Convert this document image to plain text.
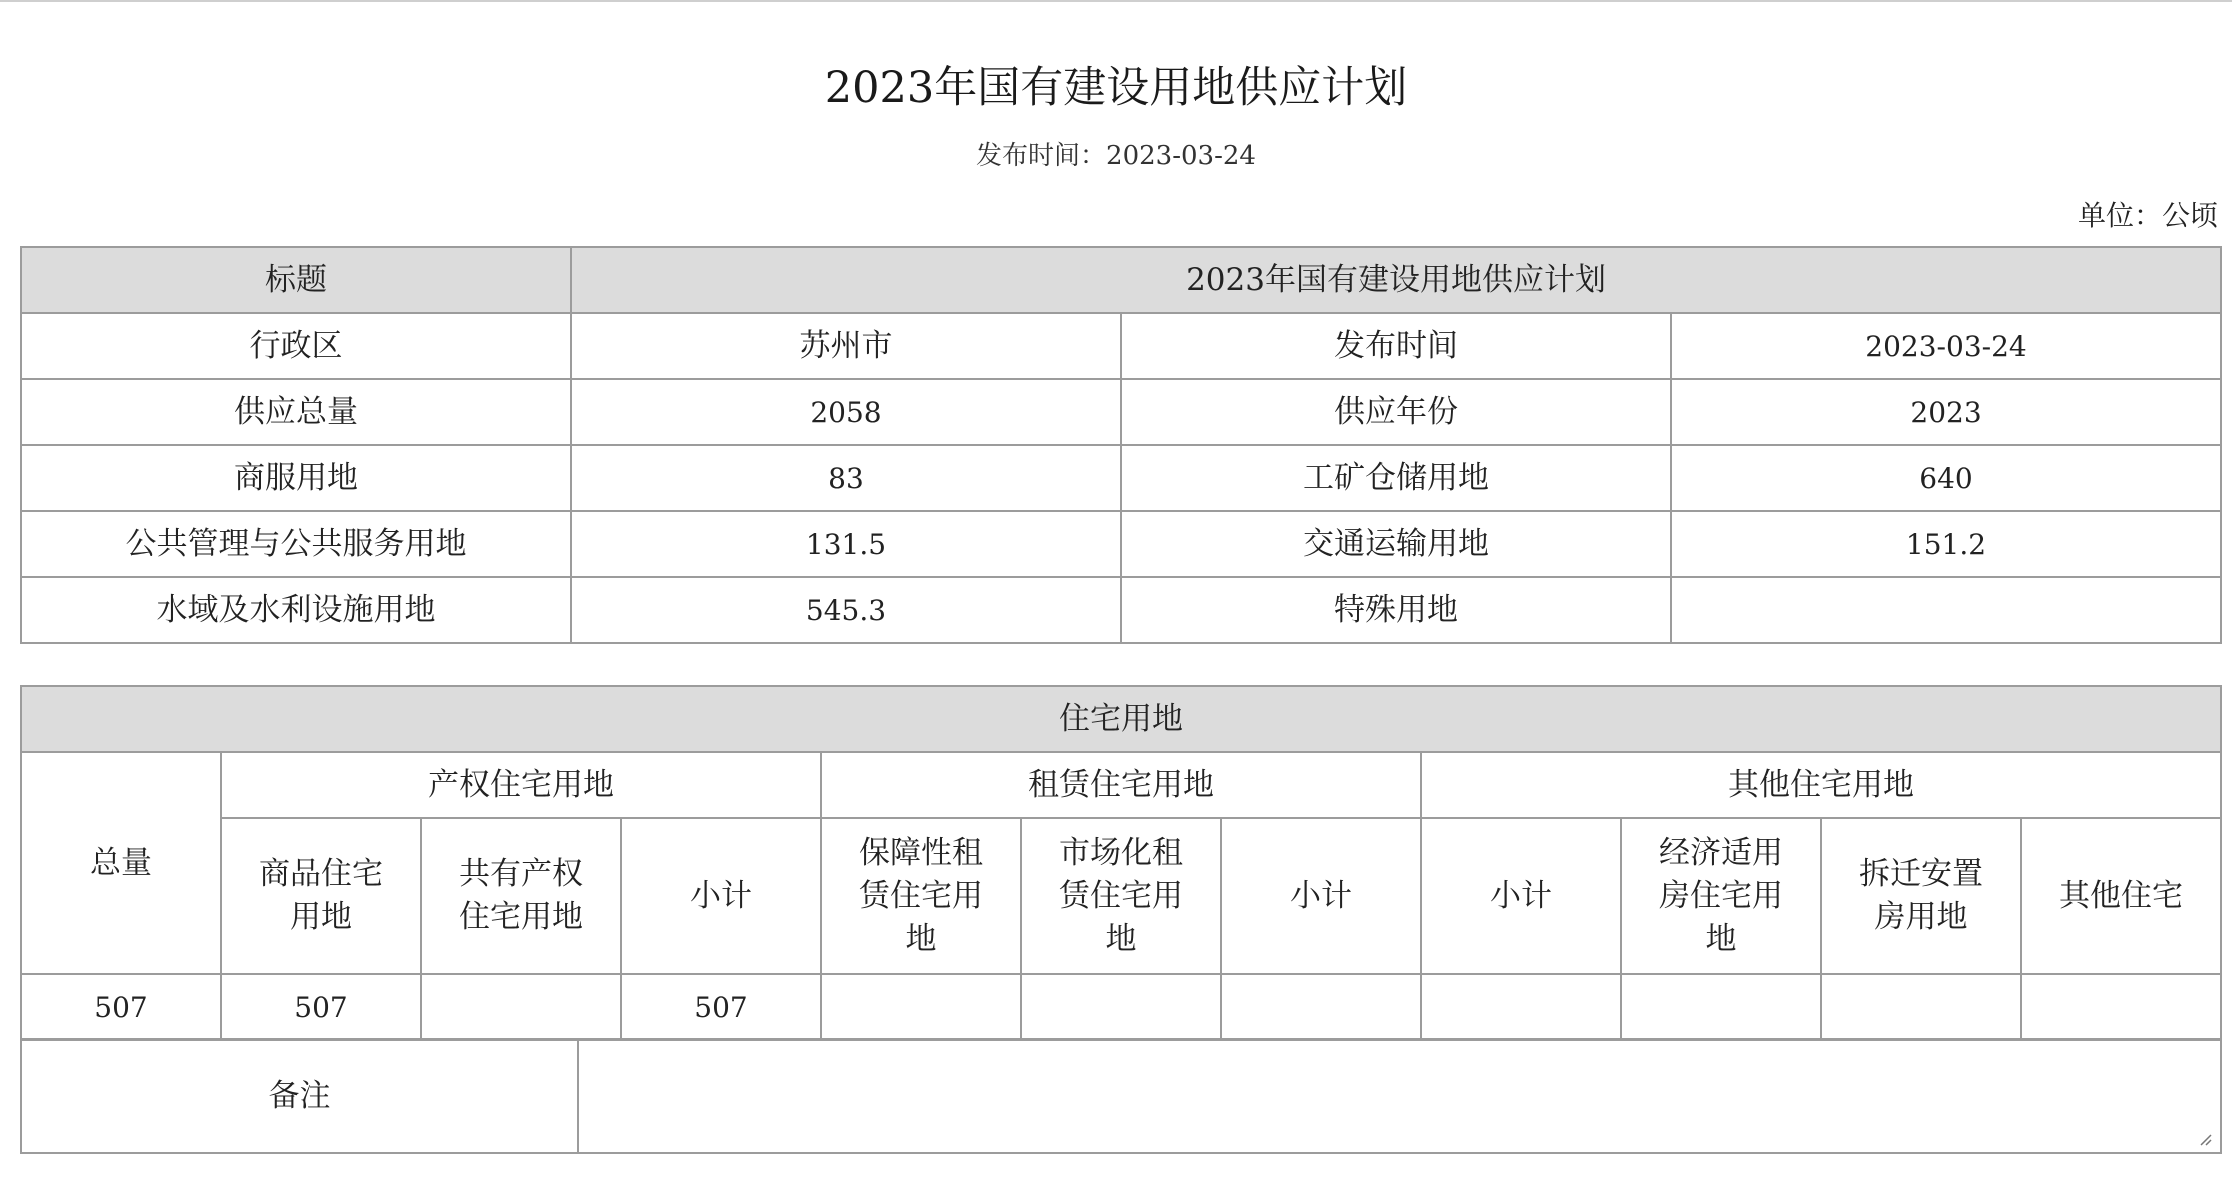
2023年国有建设用地供应计划
发布时间：2023-03-24
单位：公顷
标题	2023年国有建设用地供应计划		
行政区	苏州市	发布时间	2023-03-24
供应总量	2058	供应年份	2023
商服用地	83	工矿仓储用地	640
公共管理与公共服务用地	131.5	交通运输用地	151.2
水域及水利设施用地	545.3	特殊用地	
住宅用地										
总量	产权住宅用地			租赁住宅用地			其他住宅用地			
	商品住宅用地	共有产权住宅用地	小计	保障性租赁住宅用地	市场化租赁住宅用地	小计	小计	经济适用房住宅用地	拆迁安置房用地	其他住宅
507	507		507							
备注	
